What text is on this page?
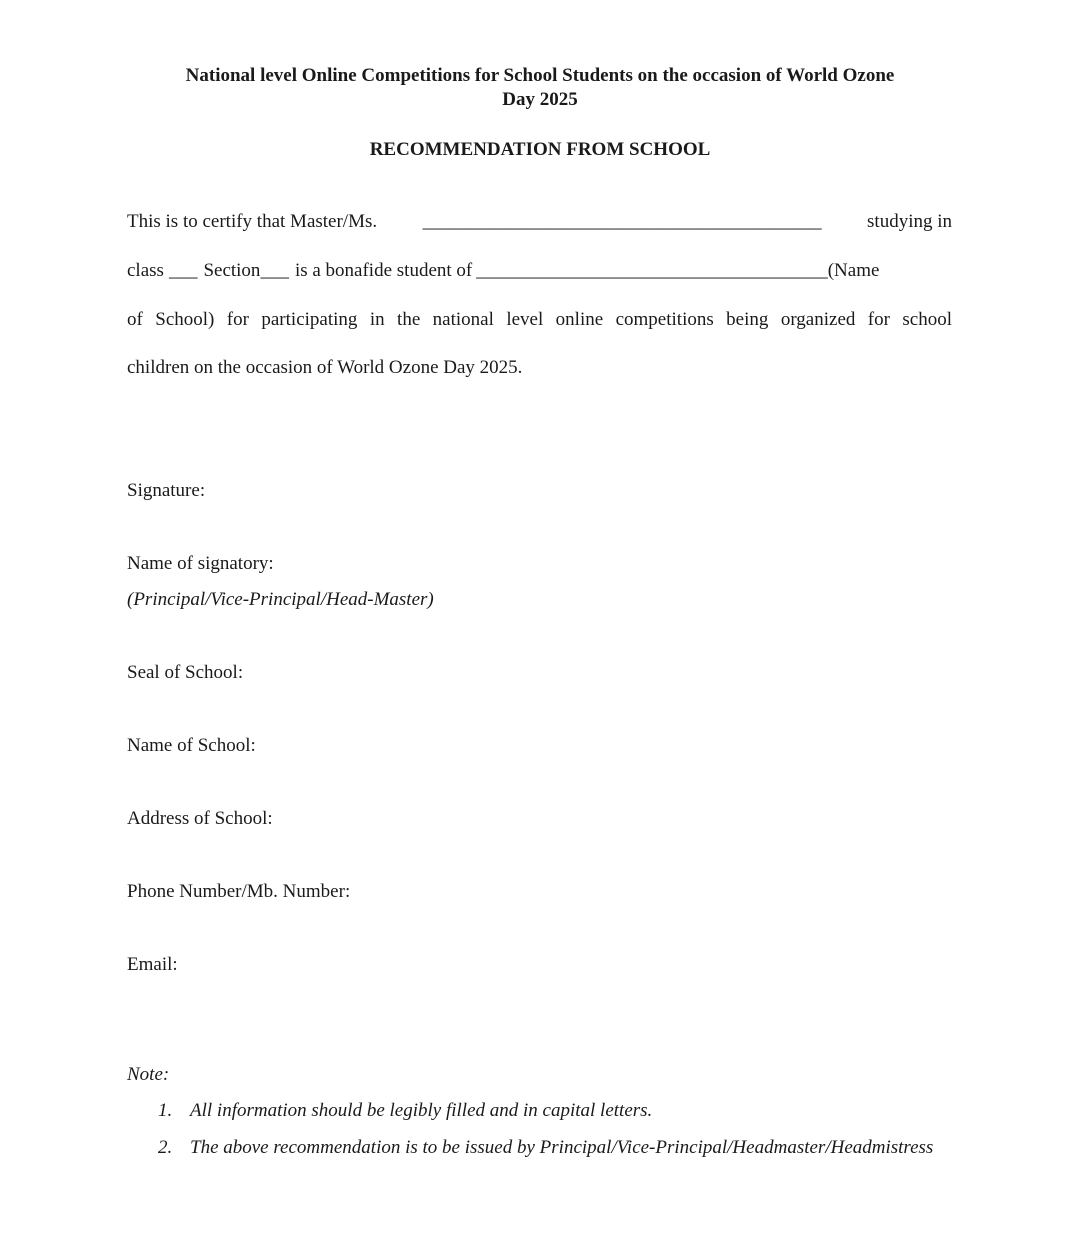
National level Online Competitions for School Students on the occasion of World Ozone
Day 2025
RECOMMENDATION FROM SCHOOL
This is to certify that Master/Ms. __________________________________________ studying in
class ___ Section ___ is a bonafide student of _____________________________________ (Name
of School) for participating in the national level online competitions being organized for school
children on the occasion of World Ozone Day 2025.
Signature:
Name of signatory:
(Principal/Vice-Principal/Head-Master)
Seal of School:
Name of School:
Address of School:
Phone Number/Mb. Number:
Email:
Note:
1. All information should be legibly filled and in capital letters.
2. The above recommendation is to be issued by Principal/Vice-Principal/Headmaster/Headmistress
